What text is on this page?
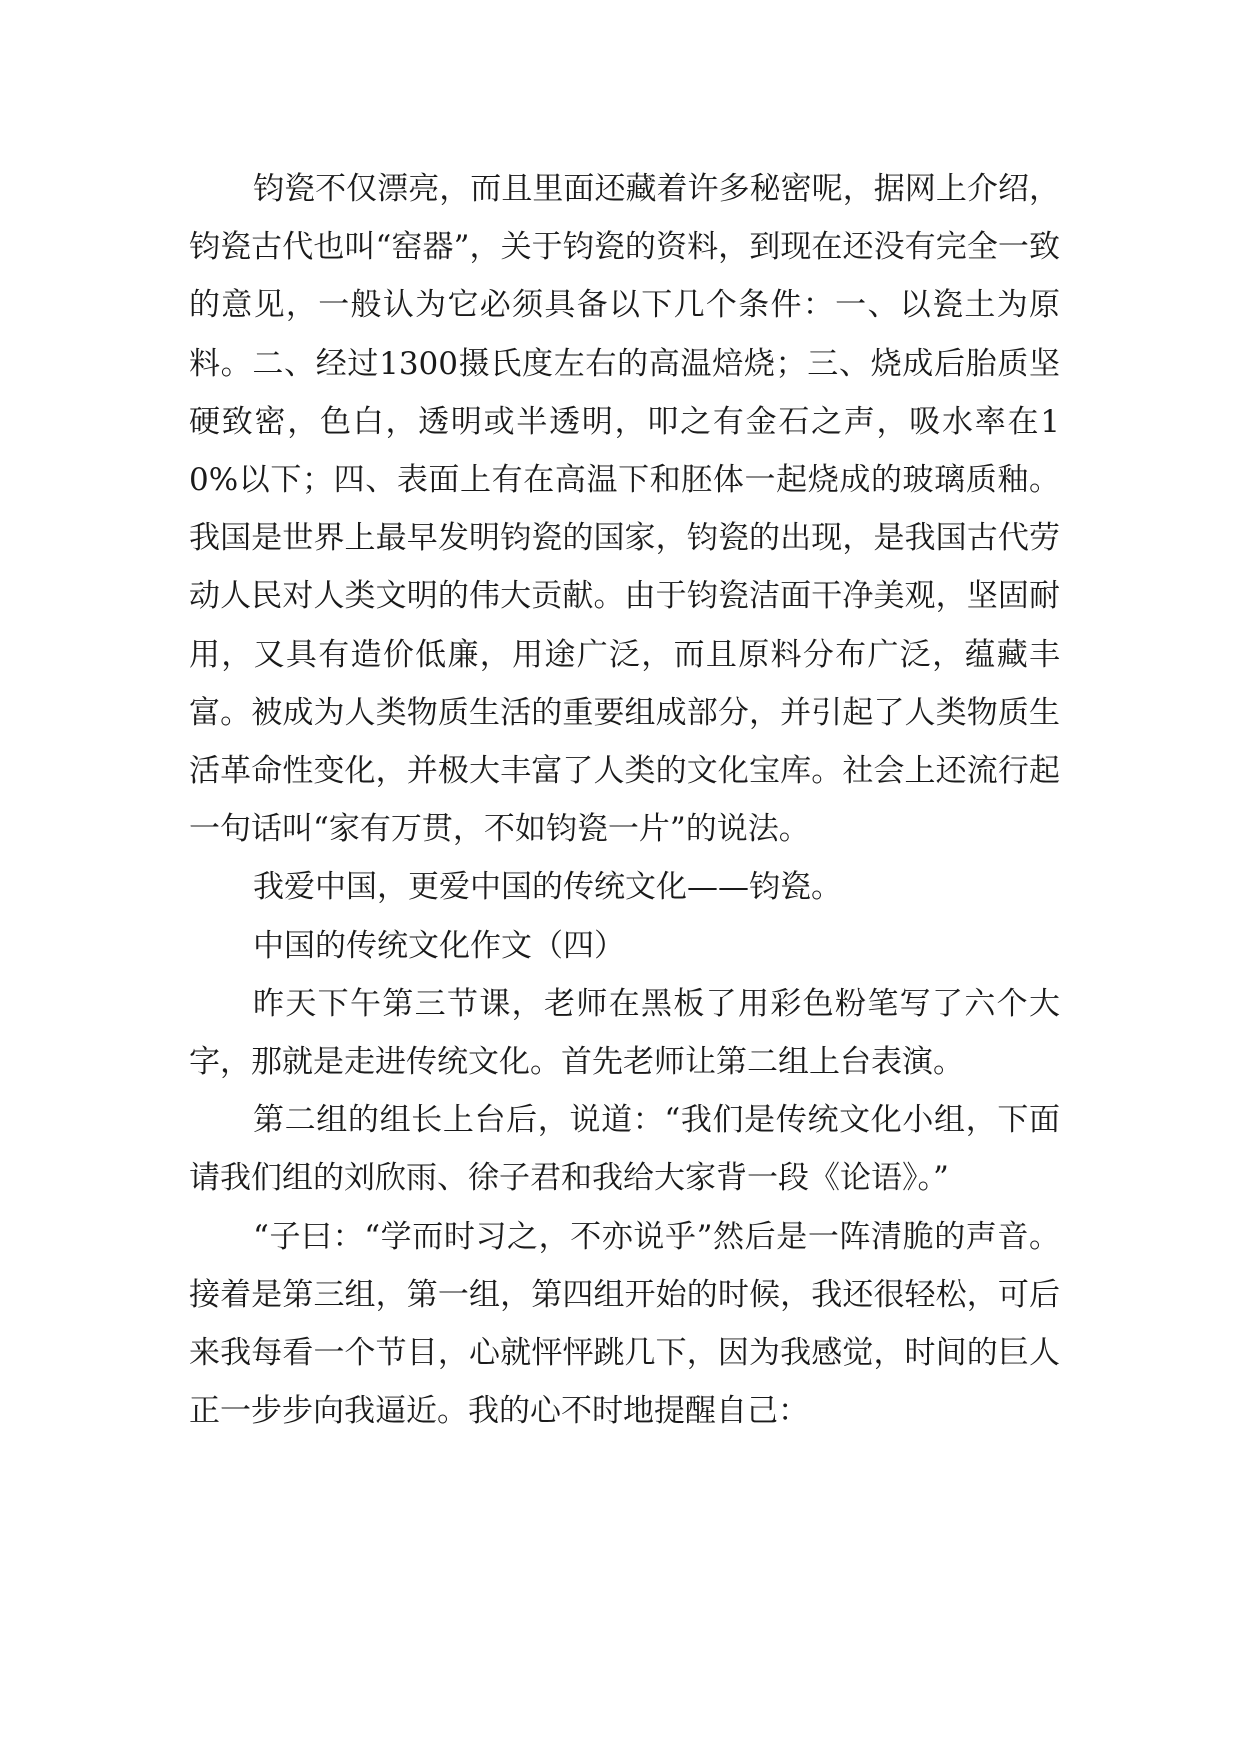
钧瓷不仅漂亮，而且里面还藏着许多秘密呢，据网上介绍，钧瓷古代也叫“窑器”，关于钧瓷的资料，到现在还没有完全一致的意见，一般认为它必须具备以下几个条件：一、以瓷土为原料。二、经过1300摄氏度左右的高温焙烧；三、烧成后胎质坚硬致密，色白，透明或半透明，叩之有金石之声，吸水率在10%以下；四、表面上有在高温下和胚体一起烧成的玻璃质釉。我国是世界上最早发明钧瓷的国家，钧瓷的出现，是我国古代劳动人民对人类文明的伟大贡献。由于钧瓷洁面干净美观，坚固耐用，又具有造价低廉，用途广泛，而且原料分布广泛，蕴藏丰富。被成为人类物质生活的重要组成部分，并引起了人类物质生活革命性变化，并极大丰富了人类的文化宝库。社会上还流行起一句话叫“家有万贯，不如钧瓷一片”的说法。

我爱中国，更爱中国的传统文化——钧瓷。

中国的传统文化作文（四）

昨天下午第三节课，老师在黑板了用彩色粉笔写了六个大字，那就是走进传统文化。首先老师让第二组上台表演。

第二组的组长上台后，说道：“我们是传统文化小组，下面请我们组的刘欣雨、徐子君和我给大家背一段《论语》。”

“子曰：“学而时习之，不亦说乎”然后是一阵清脆的声音。接着是第三组，第一组，第四组开始的时候，我还很轻松，可后来我每看一个节目，心就怦怦跳几下，因为我感觉，时间的巨人正一步步向我逼近。我的心不时地提醒自己：
